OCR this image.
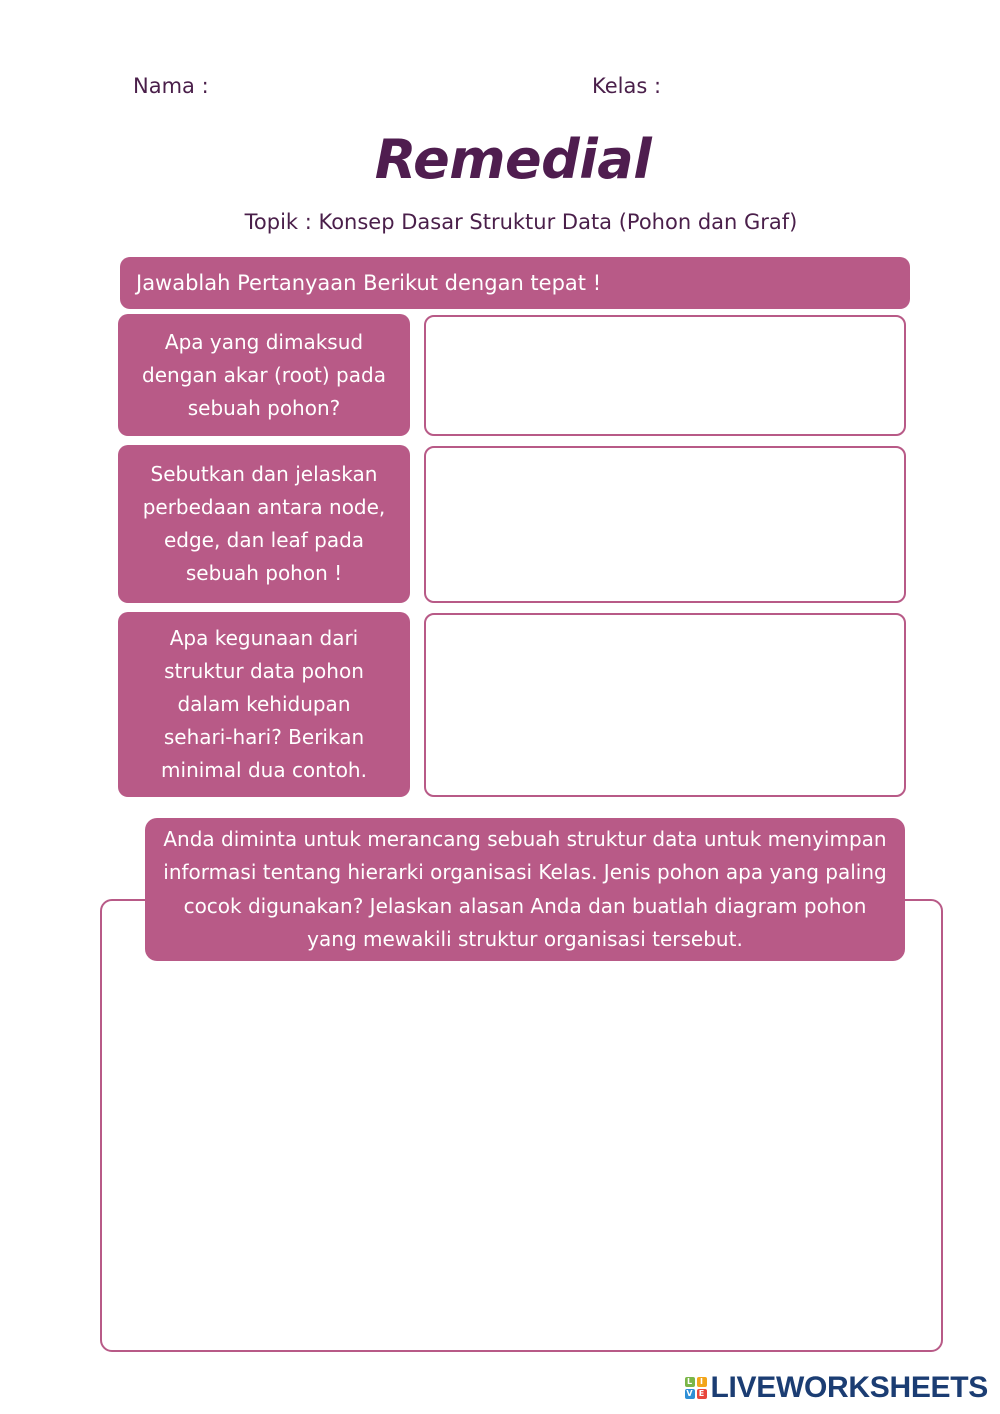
Nama :	Kelas :
Remedial
Topik : Konsep Dasar Struktur Data (Pohon dan Graf)
Jawablah Pertanyaan Berikut dengan tepat !
Apa yang dimaksud dengan akar (root) pada sebuah pohon?
Sebutkan dan jelaskan perbedaan antara node, edge, dan leaf pada sebuah pohon !
Apa kegunaan dari struktur data pohon dalam kehidupan sehari-hari? Berikan minimal dua contoh.
Anda diminta untuk merancang sebuah struktur data untuk menyimpan informasi tentang hierarki organisasi Kelas. Jenis pohon apa yang paling cocok digunakan? Jelaskan alasan Anda dan buatlah diagram pohon yang mewakili struktur organisasi tersebut.
L I
V E LIVEWORKSHEETS
